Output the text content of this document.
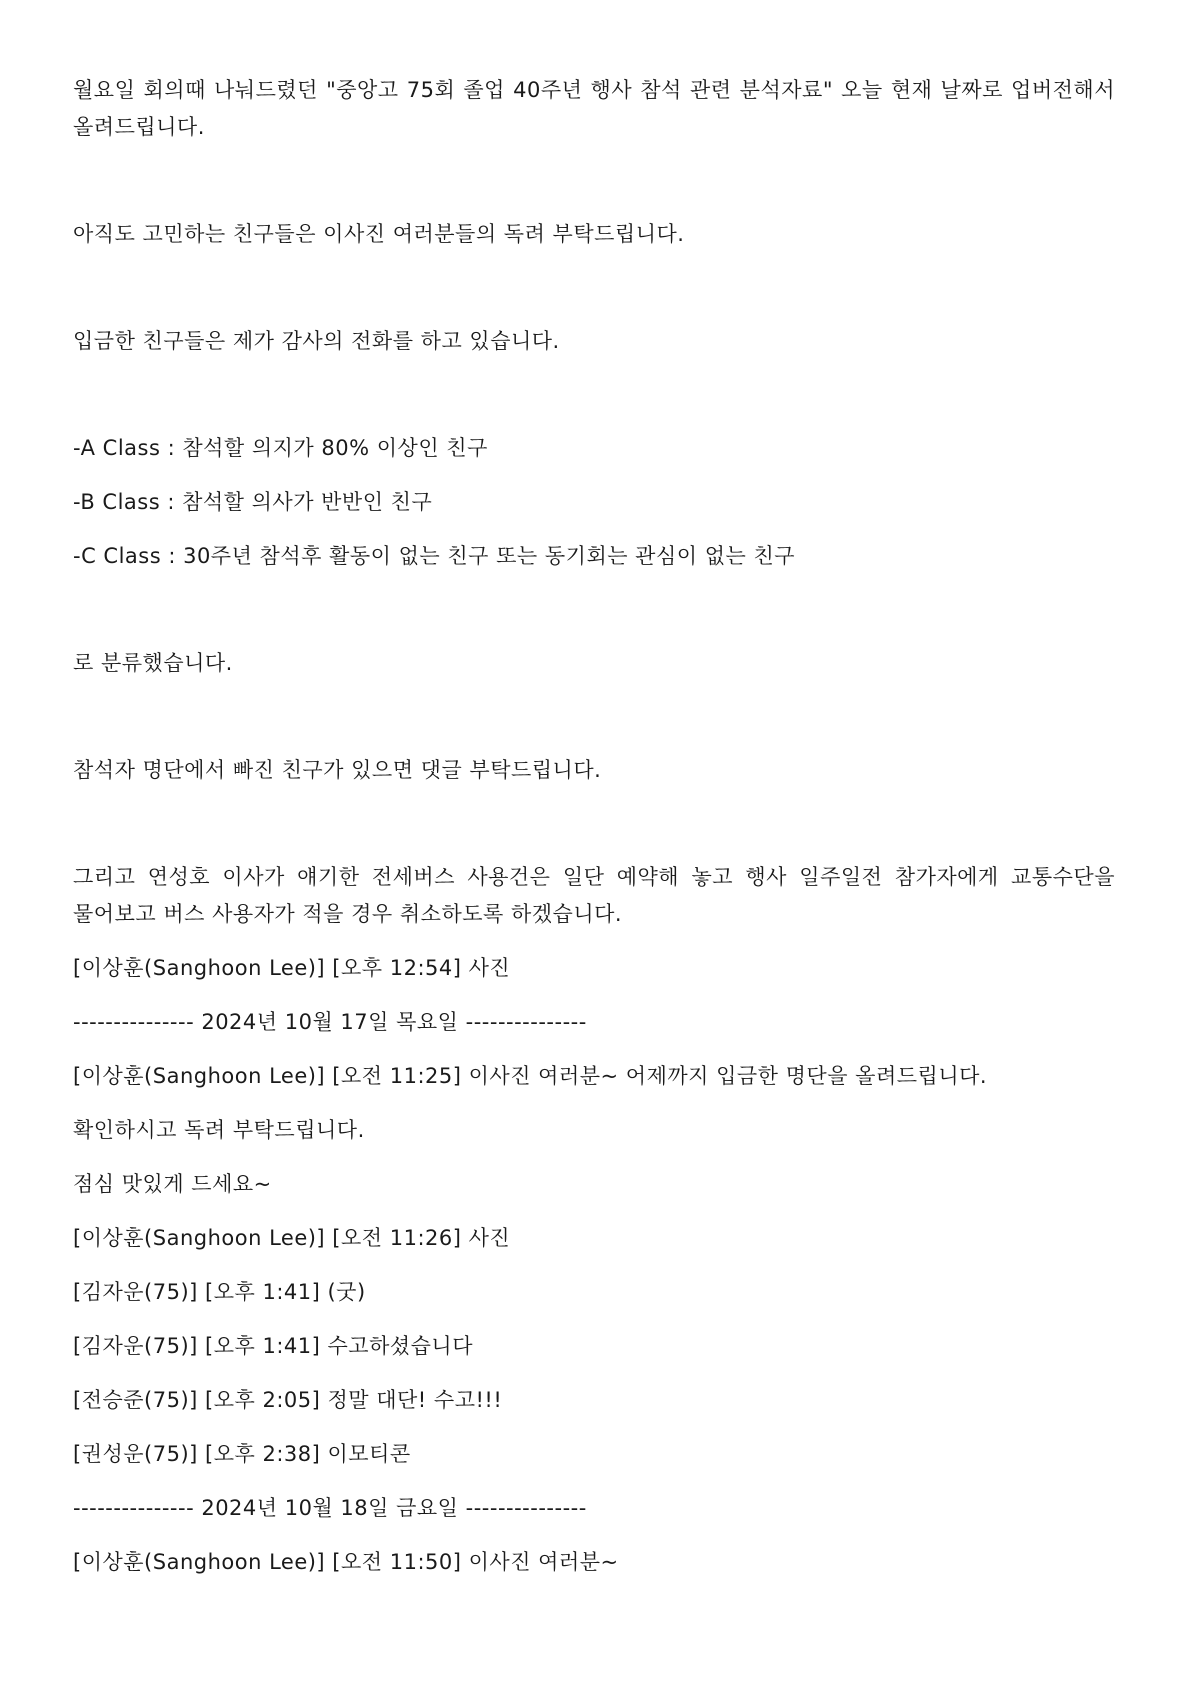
월요일 회의때 나눠드렸던 "중앙고 75회 졸업 40주년 행사 참석 관련 분석자료" 오늘 현재 날짜로 업버전해서 올려드립니다.

아직도 고민하는 친구들은 이사진 여러분들의 독려 부탁드립니다.

입금한 친구들은 제가 감사의 전화를 하고 있습니다.

-A Class : 참석할 의지가 80% 이상인 친구

-B Class : 참석할 의사가 반반인 친구

-C Class : 30주년 참석후 활동이 없는 친구 또는 동기회는 관심이 없는 친구

로 분류했습니다.

참석자 명단에서 빠진 친구가 있으면 댓글 부탁드립니다.

그리고 연성호 이사가 얘기한 전세버스 사용건은 일단 예약해 놓고 행사 일주일전 참가자에게 교통수단을 물어보고 버스 사용자가 적을 경우 취소하도록 하겠습니다.

[이상훈(Sanghoon Lee)] [오후 12:54] 사진

--------------- 2024년 10월 17일 목요일 ---------------

[이상훈(Sanghoon Lee)] [오전 11:25] 이사진 여러분~ 어제까지 입금한 명단을 올려드립니다.

확인하시고 독려 부탁드립니다.

점심 맛있게 드세요~

[이상훈(Sanghoon Lee)] [오전 11:26] 사진

[김자운(75)] [오후 1:41] (굿)

[김자운(75)] [오후 1:41] 수고하셨습니다

[전승준(75)] [오후 2:05] 정말 대단! 수고!!!

[권성운(75)] [오후 2:38] 이모티콘

--------------- 2024년 10월 18일 금요일 ---------------

[이상훈(Sanghoon Lee)] [오전 11:50] 이사진 여러분~
